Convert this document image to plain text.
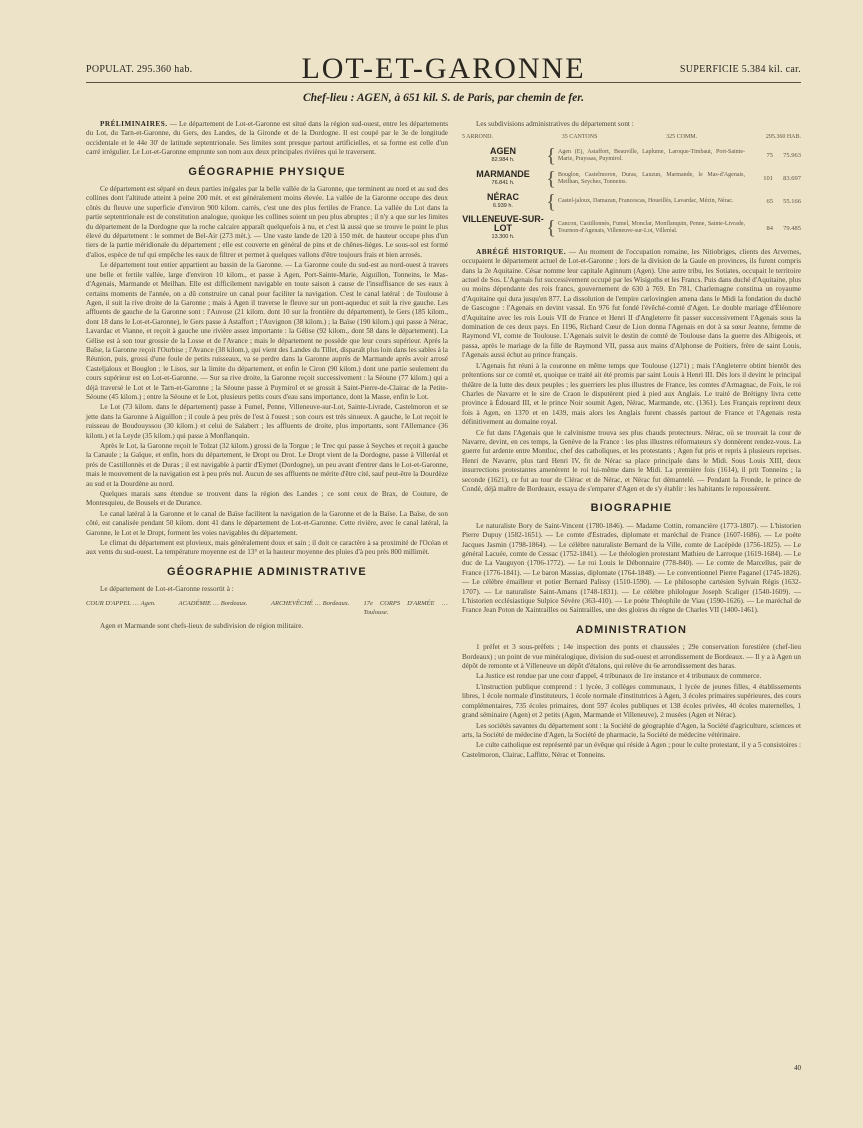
POPULAT. 295.360 hab.	LOT-ET-GARONNE	SUPERFICIE 5.384 kil. car.
Chef-lieu : AGEN, à 651 kil. S. de Paris, par chemin de fer.

PRÉLIMINAIRES. — Le département de Lot-et-Garonne est situé dans la région sud-ouest, entre les départements du Lot, du Tarn-et-Garonne, du Gers, des Landes, de la Gironde et de la Dordogne. Il est coupé par le 3e de longitude occidentale et le 44e 30' de latitude septentrionale. Ses limites sont presque partout artificielles, et sa forme est celle d'un carré irrégulier. Le Lot-et-Garonne emprunte son nom aux deux principales rivières qui le traversent.

GÉOGRAPHIE PHYSIQUE

Ce département est séparé en deux parties inégales par la belle vallée de la Garonne, que terminent au nord et au sud des collines dont l'altitude atteint à peine 200 mèt. et est généralement moins élevée. La vallée de la Garonne occupe des deux côtés du fleuve une superficie d'environ 900 kilom. carrés, c'est une des plus fertiles de France. La vallée du Lot dans la partie septentrionale est de constitution analogue, quoique les collines soient un peu plus abruptes ; il n'y a que sur les limites du département de la Dordogne que la roche calcaire apparaît quelquefois à nu, et c'est là aussi que se trouve le point le plus élevé du département : le sommet de Bel-Air (273 mèt.). — Une vaste lande de 120 à 150 mèt. de hauteur occupe plus d'un tiers de la partie méridionale du département ; elle est couverte en général de pins et de chênes-lièges. Le sous-sol est formé d'alios, espèce de tuf qui empêche les eaux de filtrer et permet à quelques vallons d'être toujours frais et bien arrosés.

Le département tout entier appartient au bassin de la Garonne. — La Garonne coule du sud-est au nord-ouest à travers une belle et fertile vallée, large d'environ 10 kilom., et passe à Agen, Port-Sainte-Marie, Aiguillon, Tonneins, le Mas-d'Agenais, Marmande et Meilhan. Elle est difficilement navigable en toute saison à cause de l'insuffisance de ses eaux à certains moments de l'année, on a dû construire un canal pour faciliter la navigation. C'est le canal latéral : de Toulouse à Agen, il suit la rive droite de la Garonne ; mais à Agen il traverse le fleuve sur un pont-aqueduc et suit la rive gauche. Les affluents de gauche de la Garonne sont : l'Auvose (21 kilom. dont 10 sur la frontière du département), le Gers (185 kilom., dont 18 dans le Lot-et-Garonne), le Gers passe à Astaffort ; l'Auvignon (38 kilom.) ; la Baïse (190 kilom.) qui passe à Nérac, Lavardac et Vianne, et reçoit à gauche une rivière assez importante : la Gélise (92 kilom., dont 58 dans le département). La Gélise est à son tour grossie de la Losse et de l'Avance ; mais le département ne possède que leur cours supérieur. Après la Baïse, la Garonne reçoit l'Ourbise ; l'Avance (38 kilom.), qui vient des Landes du Tillet, disparaît plus loin dans les sables à la Réunion, puis, grossi d'une foule de petits ruisseaux, va se perdre dans la Garonne auprès de Marmande après avoir arrosé Casteljaloux et Bouglon ; le Lisos, sur la limite du département, et enfin le Ciron (90 kilom.) dont une partie seulement du cours supérieur est en Lot-et-Garonne. — Sur sa rive droite, la Garonne reçoit successivement : la Séoune (77 kilom.) qui a déjà traversé le Lot et le Tarn-et-Garonne ; la Séoune passe à Puymirol et se grossit à Saint-Pierre-de-Clairac de la Petite-Séoune (45 kilom.) ; entre la Séoune et le Lot, plusieurs petits cours d'eau sans importance, dont la Masse, enfin le Lot.

Le Lot (73 kilom. dans le département) passe à Fumel, Penne, Villeneuve-sur-Lot, Sainte-Livrade, Castelmoron et se jette dans la Garonne à Aiguillon ; il coule à peu près de l'est à l'ouest ; son cours est très sinueux. A gauche, le Lot reçoit le ruisseau de Boudouyssou (30 kilom.) et celui de Salabert ; les affluents de droite, plus importants, sont l'Allemance (36 kilom.) et la Leyde (35 kilom.) qui passe à Monflanquin.

Après le Lot, la Garonne reçoit le Tolzat (32 kilom.) grossi de la Torgue ; le Trec qui passe à Seyches et reçoit à gauche la Canaule ; la Gaïque, et enfin, hors du département, le Dropt ou Drot. Le Dropt vient de la Dordogne, passe à Villeréal et près de Castillonnès et de Duras ; il est navigable à partir d'Eymet (Dordogne), un peu avant d'entrer dans le Lot-et-Garonne, mais le mouvement de la navigation est à peu près nul. Aucun de ses affluents ne mérite d'être cité, sauf peut-être la Dourdèze au sud et la Dourdène au nord.

Quelques marais sans étendue se trouvent dans la région des Landes ; ce sont ceux de Brax, de Couture, de Montesquieu, de Bousels et de Durance.

Le canal latéral à la Garonne et le canal de Baïse facilitent la navigation de la Garonne et de la Baïse. La Baïse, de son côté, est canalisée pendant 50 kilom. dont 41 dans le département de Lot-et-Garonne. Cette rivière, avec le canal latéral, la Garonne, le Lot et le Dropt, forment les voies navigables du département.

Le climat du département est pluvieux, mais généralement doux et sain ; il doit ce caractère à sa proximité de l'Océan et aux vents du sud-ouest. La température moyenne est de 13° et la hauteur moyenne des pluies d'à peu près 800 millimèt.

GÉOGRAPHIE ADMINISTRATIVE

Le département de Lot-et-Garonne ressortit à :

COUR D'APPEL … Agen.	ACADÉMIE … Bordeaux.	ARCHEVÊCHÉ … Bordeaux.	17e CORPS D'ARMÉE … Toulouse.

Agen et Marmande sont chefs-lieux de subdivision de région militaire.

Les subdivisions administratives du département sont :

5 ARROND.	35 CANTONS	325 COMM.	295.360 HAB.
AGEN
82.984 h.	{ Agen (E), Astaffort, Beauville, Laplume, Laroque-Timbaut, Port-Sainte-Marie, Prayssas, Puymirol.	75	75.963
MARMANDE
76.841 h.	{ Bouglon, Castelmoron, Duras, Lauzun, Marmande, le Mas-d'Agenais, Meilhan, Seyches, Tonneins.	101	83.697
NÉRAC
6.939 h.	{ Castel-jaloux, Damazan, Francescas, Houeillès, Lavardac, Mézin, Nérac.	65	55.166
VILLENEUVE-SUR-LOT
13.300 h.	{ Cancon, Castillonnès, Fumel, Monclar, Monflanquin, Penne, Sainte-Livrade, Tournon-d'Agenais, Villeneuve-sur-Lot, Villeréal.	84	79.485

ABRÉGÉ HISTORIQUE. — Au moment de l'occupation romaine, les Nitiobriges, clients des Arvernes, occupaient le département actuel de Lot-et-Garonne ; lors de la division de la Gaule en provinces, ils furent compris dans la 2e Aquitaine. César nomme leur capitale Aginnum (Agen). Une autre tribu, les Sotiates, occupait le territoire actuel de Sos. L'Agenais fut successivement occupé par les Wisigoths et les Francs. Puis dans duché d'Aquitaine, plus ou moins dépendante des rois francs, gouvernement de 630 à 769. En 781, Charlemagne constitua un royaume d'Aquitaine qui dura jusqu'en 877. La dissolution de l'empire carlovingien amena dans le Midi la fondation du duché de Gascogne : l'Agenais en devint vassal. En 976 fut fondé l'évêché-comté d'Agen. Le double mariage d'Éléonore d'Aquitaine avec les rois Louis VII de France et Henri II d'Angleterre fit passer successivement l'Agenais sous la domination de ces deux pays. En 1196, Richard Cœur de Lion donna l'Agenais en dot à sa sœur Jeanne, femme de Raymond VI, comte de Toulouse. L'Agenais suivit le destin de comté de Toulouse dans la guerre des Albigeois, et passa, après le mariage de la fille de Raymond VII, passa aux mains d'Alphonse de Poitiers, frère de saint Louis, l'Agenais aussi échut au prince français.

L'Agenais fut réuni à la couronne en même temps que Toulouse (1271) ; mais l'Angleterre obtint bientôt des prétentions sur ce comté et, quoique ce traité ait été promis par saint Louis à Henri III. Dès lors il devint le principal théâtre de la lutte des deux peuples ; les guerriers les plus illustres de France, les comtes d'Armagnac, de Foix, le roi Charles de Navarre et le sire de Craon le disputèrent pied à pied aux Anglais. Le traité de Brétigny livra cette province à Édouard III, et le prince Noir soumit Agen, Nérac, Marmande, etc. (1361). Les Français reprirent deux fois à Agen, en 1370 et en 1439, mais alors les Anglais furent chassés partout de France et l'Agenais resta définitivement au domaine royal.

Ce fut dans l'Agenais que le calvinisme trouva ses plus chauds protecteurs. Nérac, où se trouvait la cour de Navarre, devint, en ces temps, la Genève de la France : les plus illustres réformateurs s'y donnèrent rendez-vous. La guerre fut ardente entre Montluc, chef des catholiques, et les protestants ; Agen fut pris et repris à plusieurs reprises. Henri de Navarre, plus tard Henri IV, fit de Nérac sa place principale dans le Midi. Sous Louis XIII, deux insurrections protestantes amenèrent le roi lui-même dans le Midi. La première fois (1614), il prit Tonneins ; la seconde (1621), ce fut au tour de Clérac et de Nérac, et Nérac fut démantelé. — Pendant la Fronde, le prince de Condé, déjà maître de Bordeaux, essaya de s'emparer d'Agen et de s'y établir : les habitants le repoussèrent.

BIOGRAPHIE

Le naturaliste Bory de Saint-Vincent (1780-1846). — Madame Cottin, romancière (1773-1807). — L'historien Pierre Dupuy (1582-1651). — Le comte d'Estrades, diplomate et maréchal de France (1607-1686). — Le poète Jacques Jasmin (1798-1864). — Le célèbre naturaliste Bernard de la Ville, comte de Lacépède (1756-1825). — Le général Lacuée, comte de Cessac (1752-1841). — Le théologien protestant Mathieu de Larroque (1619-1684). — Le duc de La Vauguyon (1706-1772). — Le roi Louis le Débonnaire (778-840). — Le comte de Marcellus, pair de France (1776-1841). — Le baron Massias, diplomate (1764-1848). — Le conventionnel Pierre Paganel (1745-1826). — Le célèbre émailleur et potier Bernard Palissy (1510-1590). — Le philosophe cartésien Sylvain Régis (1632-1707). — Le naturaliste Saint-Amans (1748-1831). — Le célèbre philologue Joseph Scaliger (1540-1609). — L'historien ecclésiastique Sulpice Sévère (363-410). — Le poète Théophile de Viau (1590-1626). — Le maréchal de France Jean Poton de Xaintrailles ou Saintrailles, une des gloires du règne de Charles VII (1400-1461).

ADMINISTRATION

1 préfet et 3 sous-préfets ; 14e inspection des ponts et chaussées ; 29e conservation forestière (chef-lieu Bordeaux) ; un point de vue minéralogique, division du sud-ouest et arrondissement de Bordeaux. — Il y a à Agen un dépôt de remonte et à Villeneuve un dépôt d'étalons, qui relève du 6e arrondissement des haras.

La Justice est rendue par une cour d'appel, 4 tribunaux de 1re instance et 4 tribunaux de commerce.

L'instruction publique comprend : 1 lycée, 3 collèges communaux, 1 lycée de jeunes filles, 4 établissements libres, 1 école normale d'instituteurs, 1 école normale d'institutrices à Agen, 3 écoles primaires supérieures, des cours complémentaires, 735 écoles primaires, dont 597 écoles publiques et 138 écoles privées, 40 écoles maternelles, 1 grand séminaire (Agen) et 2 petits (Agen, Marmande et Villeneuve), 2 musées (Agen et Nérac).

Les sociétés savantes du département sont : la Société de géographie d'Agen, la Société d'agriculture, sciences et arts, la Société de médecine d'Agen, la Société de pharmacie, la Société de médecine vétérinaire.

Le culte catholique est représenté par un évêque qui réside à Agen ; pour le culte protestant, il y a 5 consistoires : Castelmoron, Clairac, Laffitte, Nérac et Tonneins.

40
